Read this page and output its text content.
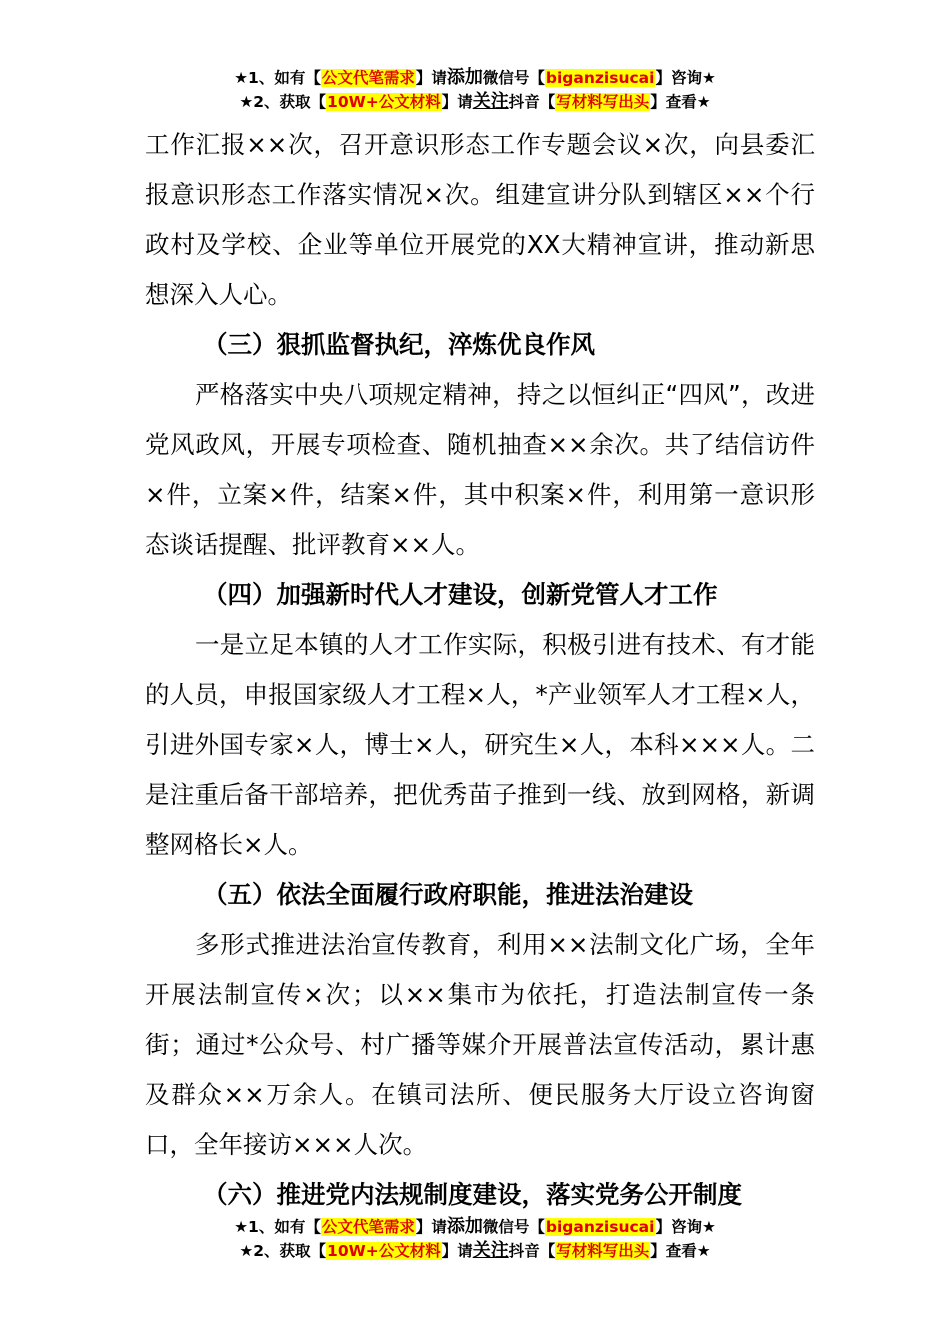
★1、如有【公文代笔需求】请添加微信号【biganzisucai】咨询★
★2、获取【10W+公文材料】请关注抖音【写材料写出头】查看★

工作汇报××次，召开意识形态工作专题会议×次，向县委汇报意识形态工作落实情况×次。组建宣讲分队到辖区××个行政村及学校、企业等单位开展党的XX大精神宣讲，推动新思想深入人心。

（三）狠抓监督执纪，淬炼优良作风

严格落实中央八项规定精神，持之以恒纠正“四风”，改进党风政风，开展专项检查、随机抽查××余次。共了结信访件×件，立案×件，结案×件，其中积案×件，利用第一意识形态谈话提醒、批评教育××人。

（四）加强新时代人才建设，创新党管人才工作

一是立足本镇的人才工作实际，积极引进有技术、有才能的人员，申报国家级人才工程×人，*产业领军人才工程×人，引进外国专家×人，博士×人，研究生×人，本科×××人。二是注重后备干部培养，把优秀苗子推到一线、放到网格，新调整网格长×人。

（五）依法全面履行政府职能，推进法治建设

多形式推进法治宣传教育，利用××法制文化广场，全年开展法制宣传×次；以××集市为依托，打造法制宣传一条街；通过*公众号、村广播等媒介开展普法宣传活动，累计惠及群众××万余人。在镇司法所、便民服务大厅设立咨询窗口，全年接访×××人次。

（六）推进党内法规制度建设，落实党务公开制度

★1、如有【公文代笔需求】请添加微信号【biganzisucai】咨询★
★2、获取【10W+公文材料】请关注抖音【写材料写出头】查看★
